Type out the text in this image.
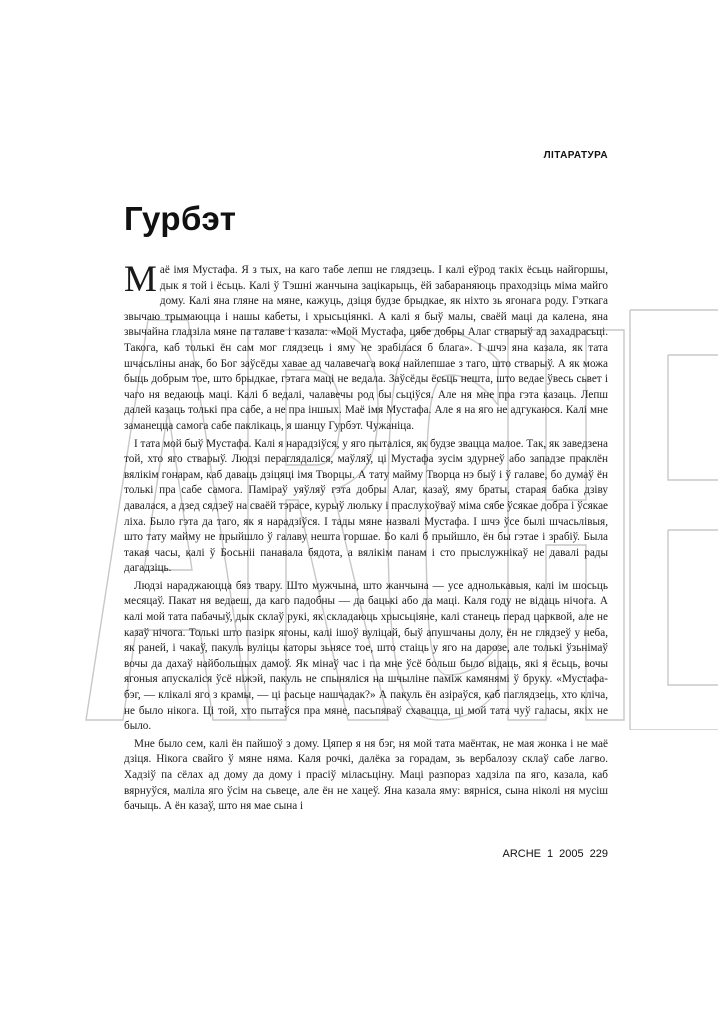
ЛІТАРАТУРА
Гурбэт

Маё імя Мустафа. Я з тых, на каго табе лепш не глядзець. І калі еўрод такіх ёсьць найгоршы, дык я той і ёсьць. Калі ў Тэшні жанчына зацікарыць, ёй забараняюць праходзіць міма майго дому. Калі яна гляне на мяне, кажуць, дзіця будзе брыдкае, як ніхто зь ягонага роду. Гэткага звычаю трымаюцца і нашы кабеты, і хрысьціянкі. А калі я быў малы, сваёй маці да калена, яна звычайна гладзіла мяне па галаве і казала: «Мой Мустафа, цябе добры Алаг стварыў ад захадрасьці. Такога, каб толькі ён сам мог глядзець і яму не зрабілася б блага». І шчэ яна казала, як тата шчасьліны анак, бо Бог заўсёды хавае ад чалавечага вока найлепшае з таго, што стварыў. А як можа быць добрым тое, што брыдкае, гэтага маці не ведала. Заўсёды ёсьць нешта, што ведае ўвесь сьвет і чаго ня ведаюць маці. Калі б ведалі, чалавечы род бы сьціўся. Але ня мне пра гэта казаць. Лепш далей казаць толькі пра сабе, а не пра іншых. Маё імя Мустафа. Але я на яго не адгукаюся. Калі мне заманецца самога сабе паклікаць, я шанцу Гурбэт. Чужаніца.

І тата мой быў Мустафа. Калі я нарадзіўся, у яго пыталіся, як будзе звацца малое. Так, як заведзена той, хто яго стварыў. Людзі пераглядаліся, маўляў, ці Мустафа зусім здурнеў або западзе праклён вялікім гонарам, каб даваць дзіцяці імя Творцы. А тату майму Творца нэ быў і ў галаве, бо думаў ён толькі пра сабе самога. Паміраў уяўляў гэта добры Алаг, казаў, яму браты, старая бабка дзіву давалася, а дзед сядзеў на сваёй тэрасе, курыў люльку і праслухоўваў міма сябе ўсякае добра і ўсякае ліха. Было гэта да таго, як я нарадзіўся. І тады мяне назвалі Мустафа. І шчэ ўсе былі шчасьлівыя, што тату майму не прыйшло ў галаву нешта горшае. Бо калі б прыйшло, ён бы гэтае і зрабіў. Была такая часы, калі ў Босьніі панавала бядота, а вялікім панам і сто прыслужнікаў не давалі рады дагадзіць.

Людзі нараджаюцца бяз твару. Што мужчына, што жанчына — усе аднолькавыя, калі ім шосьць месяцаў. Пакат ня ведаеш, да каго падобны — да бацькі або да маці. Каля году не відаць нічога. А калі мой тата пабачыў, дык склаў рукі, як складаюць хрысьціяне, калі станець перад царквой, але не казаў нічога. Толькі што пазірк ягоны, калі ішоў вуліцай, быў апушчаны долу, ён не глядзеў у неба, як раней, і чакаў, пакуль вуліцы каторы зьнясе тое, што стаіць у яго на дарозе, але толькі ўзьнімаў вочы да дахаў найбольшых дамоў. Як мінаў час і па мне ўсё больш было відаць, які я ёсьць, вочы ягоныя апускаліся ўсё ніжэй, пакуль не спыняліся на шчыліне паміж камянямі ў бруку. «Мустафа-бэг, — клікалі яго з крамы, — ці расьце нашчадак?» А пакуль ён азіраўся, каб паглядзець, хто кліча, не было нікога. Ці той, хто пытаўся пра мяне, пасьпяваў схавацца, ці мой тата чуў галасы, якіх не было.

Мне было сем, калі ён пайшоў з дому. Цяпер я ня бэг, ня мой тата маёнтак, не мая жонка і не маё дзіця. Нікога свайго ў мяне няма. Каля рочкі, далёка за горадам, зь вербалозу склаў сабе лагво. Хадзіў па сёлах ад дому да дому і прасіў міласьціну. Маці разпораз хадзіла па яго, казала, каб вярнуўся, маліла яго ўсім на сьвеце, але ён не хацеў. Яна казала яму: вярніся, сына ніколі ня мусіш бачыць. А ён казаў, што ня мае сына і

ARCHE 1 2005 229
